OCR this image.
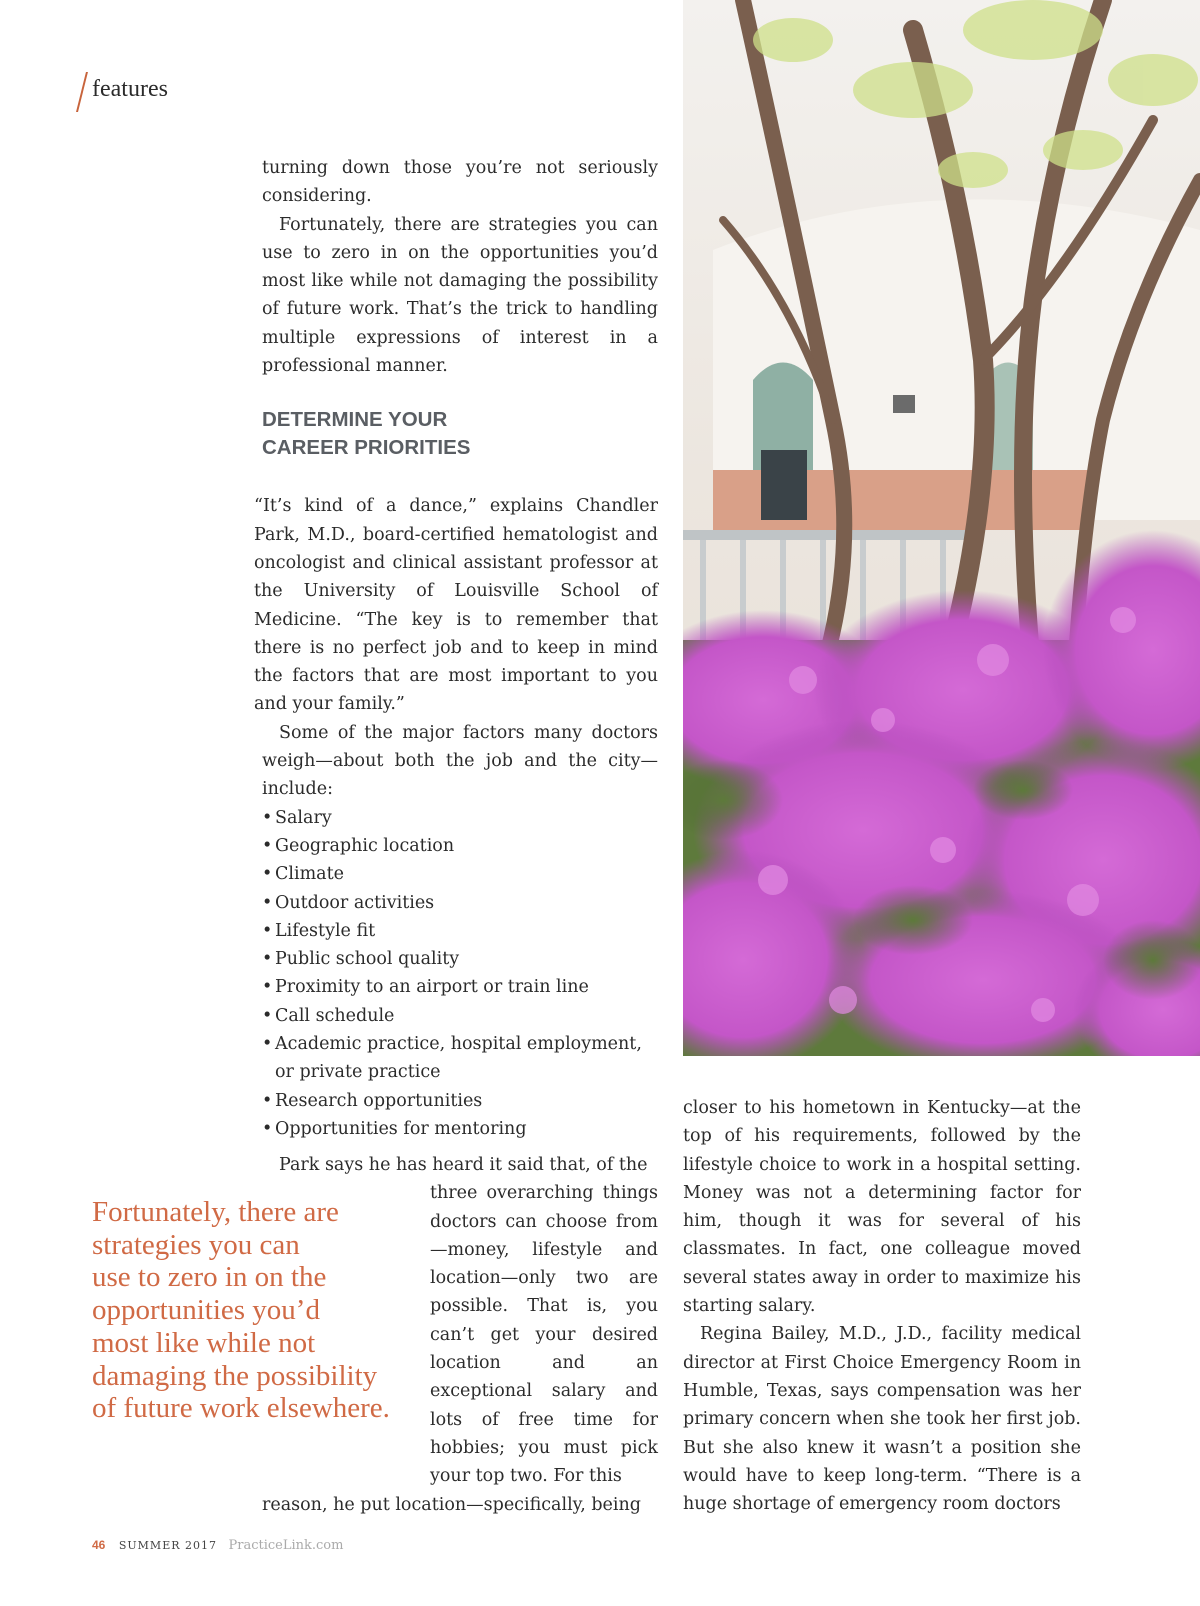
features

turning down those you’re not seriously considering.

Fortunately, there are strategies you can use to zero in on the opportunities you’d most like while not damaging the possibility of future work. That’s the trick to handling multiple expressions of interest in a professional manner.

DETERMINE YOUR
CAREER PRIORITIES

“It’s kind of a dance,” explains Chandler Park, M.D., board-certified hematologist and oncologist and clinical assistant professor at the University of Louisville School of Medicine. “The key is to remember that there is no perfect job and to keep in mind the factors that are most important to you and your family.”

Some of the major factors many doctors weigh—about both the job and the city—include:

• Salary
• Geographic location
• Climate
• Outdoor activities
• Lifestyle fit
• Public school quality
• Proximity to an airport or train line
• Call schedule
• Academic practice, hospital employment, or private practice
• Research opportunities
• Opportunities for mentoring

Park says he has heard it said that, of the

three overarching things doctors can choose from—money, lifestyle and location—only two are possible. That is, you can’t get your desired location and an exceptional salary and lots of free time for hobbies; you must pick your top two. For this

reason, he put location—specifically, being

Fortunately, there are
strategies you can
use to zero in on the
opportunities you’d
most like while not
damaging the possibility
of future work elsewhere.

closer to his hometown in Kentucky—at the top of his requirements, followed by the lifestyle choice to work in a hospital setting. Money was not a determining factor for him, though it was for several of his classmates. In fact, one colleague moved several states away in order to maximize his starting salary.

Regina Bailey, M.D., J.D., facility medical director at First Choice Emergency Room in Humble, Texas, says compensation was her primary concern when she took her first job. But she also knew it wasn’t a position she would have to keep long-term. “There is a huge shortage of emergency room doctors

46 SUMMER 2017 PracticeLink.com
